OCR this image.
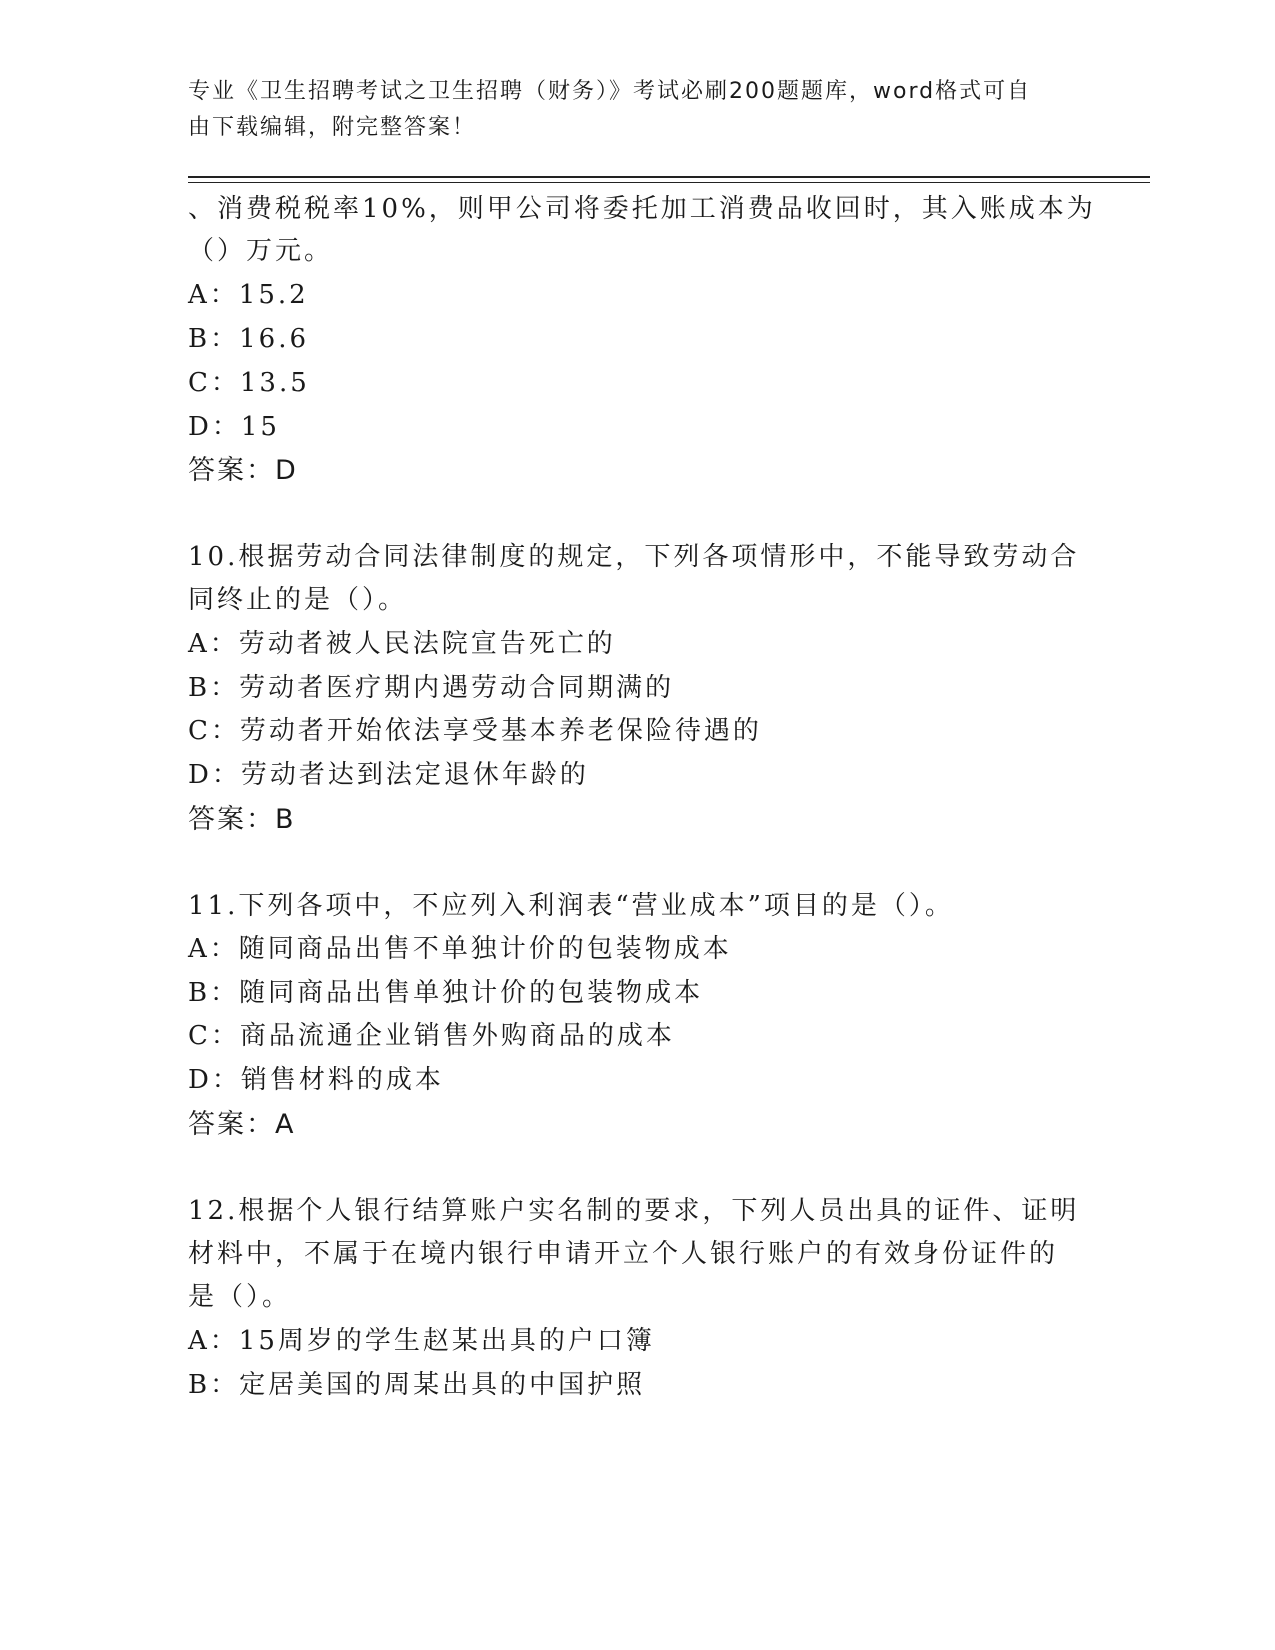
专业《卫生招聘考试之卫生招聘（财务）》考试必刷200题题库，word格式可自
由下载编辑，附完整答案！
、消费税税率10%，则甲公司将委托加工消费品收回时，其入账成本为
（）万元。
A：15.2
B：16.6
C：13.5
D：15
答案：D
10.根据劳动合同法律制度的规定，下列各项情形中，不能导致劳动合
同终止的是（）。
A：劳动者被人民法院宣告死亡的
B：劳动者医疗期内遇劳动合同期满的
C：劳动者开始依法享受基本养老保险待遇的
D：劳动者达到法定退休年龄的
答案：B
11.下列各项中，不应列入利润表“营业成本”项目的是（）。
A：随同商品出售不单独计价的包装物成本
B：随同商品出售单独计价的包装物成本
C：商品流通企业销售外购商品的成本
D：销售材料的成本
答案：A
12.根据个人银行结算账户实名制的要求，下列人员出具的证件、证明
材料中，不属于在境内银行申请开立个人银行账户的有效身份证件的
是（）。
A：15周岁的学生赵某出具的户口簿
B：定居美国的周某出具的中国护照
